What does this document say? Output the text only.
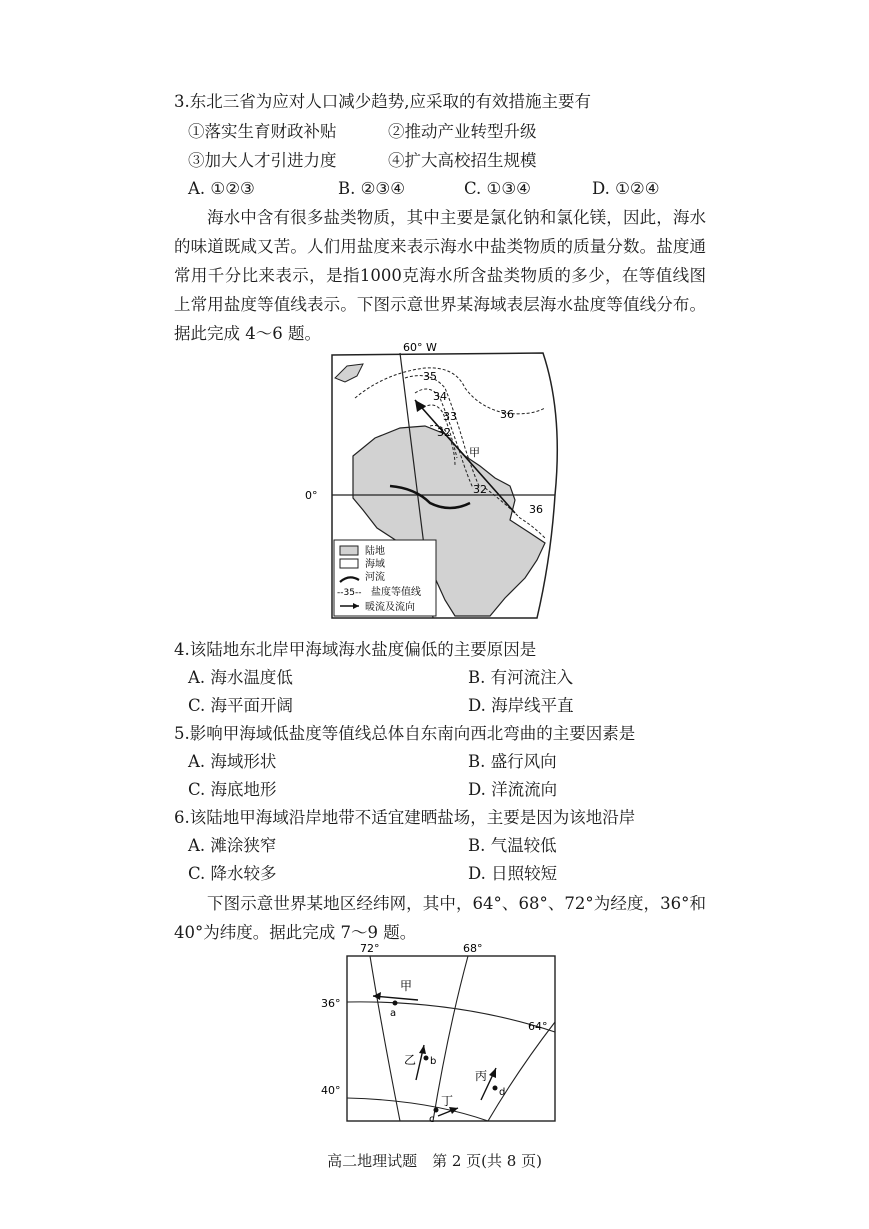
3.东北三省为应对人口减少趋势,应采取的有效措施主要有
①落实生育财政补贴	②推动产业转型升级
③加大人才引进力度	④扩大高校招生规模
A. ①②③	B. ②③④	C. ①③④	D. ①②④
海水中含有很多盐类物质，其中主要是氯化钠和氯化镁，因此，海水的味道既咸又苦。人们用盐度来表示海水中盐类物质的质量分数。盐度通常用千分比来表示，是指1000克海水所含盐类物质的多少，在等值线图上常用盐度等值线表示。下图示意世界某海域表层海水盐度等值线分布。据此完成 4～6 题。
60° W
0°
35
34
33
32
36
32
36
甲
陆地
海域
河流
--35-- 盐度等值线
暖流及流向
4.该陆地东北岸甲海域海水盐度偏低的主要原因是
A. 海水温度低	B. 有河流注入
C. 海平面开阔	D. 海岸线平直
5.影响甲海域低盐度等值线总体自东南向西北弯曲的主要因素是
A. 海域形状	B. 盛行风向
C. 海底地形	D. 洋流流向
6.该陆地甲海域沿岸地带不适宜建晒盐场，主要是因为该地沿岸
A. 滩涂狭窄	B. 气温较低
C. 降水较多	D. 日照较短
下图示意世界某地区经纬网，其中，64°、68°、72°为经度，36°和 40°为纬度。据此完成 7～9 题。
72°	68°
64°
36°
40°
甲
乙
丙
丁
a
b
c
d
高二地理试题　第 2 页(共 8 页)
